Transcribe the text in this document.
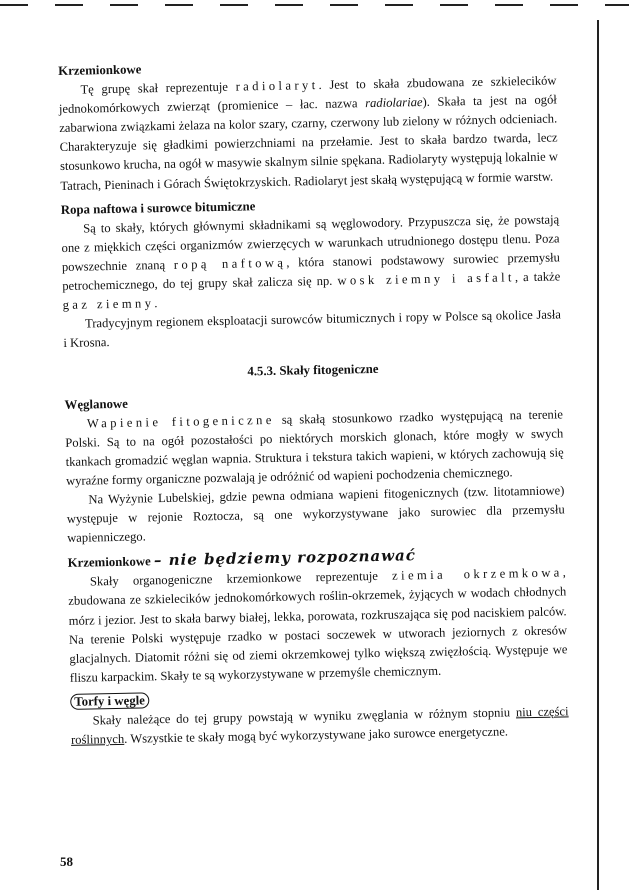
Krzemionkowe

Tę grupę skał reprezentuje radiolaryt. Jest to skała zbudowana ze szkielecików jednokomórkowych zwierząt (promienice – łac. nazwa radiolariae). Skała ta jest na ogół zabarwiona związkami żelaza na kolor szary, czarny, czerwony lub zielony w różnych odcieniach. Charakteryzuje się gładkimi powierzchniami na przełamie. Jest to skała bardzo twarda, lecz stosunkowo krucha, na ogół w masywie skalnym silnie spękana. Radiolaryty występują lokalnie w Tatrach, Pieninach i Górach Świętokrzyskich. Radiolaryt jest skałą występującą w formie warstw.

Ropa naftowa i surowce bitumiczne

Są to skały, których głównymi składnikami są węglowodory. Przypuszcza się, że powstają one z miękkich części organizmów zwierzęcych w warunkach utrudnionego dostępu tlenu. Poza powszechnie znaną ropą naftową, która stanowi podstawowy surowiec przemysłu petrochemicznego, do tej grupy skał zalicza się np. wosk ziemny i asfalt, a także gaz ziemny.

Tradycyjnym regionem eksploatacji surowców bitumicznych i ropy w Polsce są okolice Jasła i Krosna.

4.5.3. Skały fitogeniczne
Węglanowe

Wapienie fitogeniczne są skałą stosunkowo rzadko występującą na terenie Polski. Są to na ogół pozostałości po niektórych morskich glonach, które mogły w swych tkankach gromadzić węglan wapnia. Struktura i tekstura takich wapieni, w których zachowują się wyraźne formy organiczne pozwalają je odróżnić od wapieni pochodzenia chemicznego.

Na Wyżynie Lubelskiej, gdzie pewna odmiana wapieni fitogenicznych (tzw. litotamniowe) występuje w rejonie Roztocza, są one wykorzystywane jako surowiec dla przemysłu wapienniczego.

Krzemionkowe – nie będziemy rozpoznawać

Skały organogeniczne krzemionkowe reprezentuje ziemia okrzemkowa, zbudowana ze szkielecików jednokomórkowych roślin-okrzemek, żyjących w wodach chłodnych mórz i jezior. Jest to skała barwy białej, lekka, porowata, rozkruszająca się pod naciskiem palców. Na terenie Polski występuje rzadko w postaci soczewek w utworach jeziornych z okresów glacjalnych. Diatomit różni się od ziemi okrzemkowej tylko większą zwięzłością. Występuje we fliszu karpackim. Skały te są wykorzystywane w przemyśle chemicznym.

Torfy i węgle

Skały należące do tej grupy powstają w wyniku zwęglania w różnym stopniu niu części roślinnych. Wszystkie te skały mogą być wykorzystywane jako surowce energetyczne.

58
